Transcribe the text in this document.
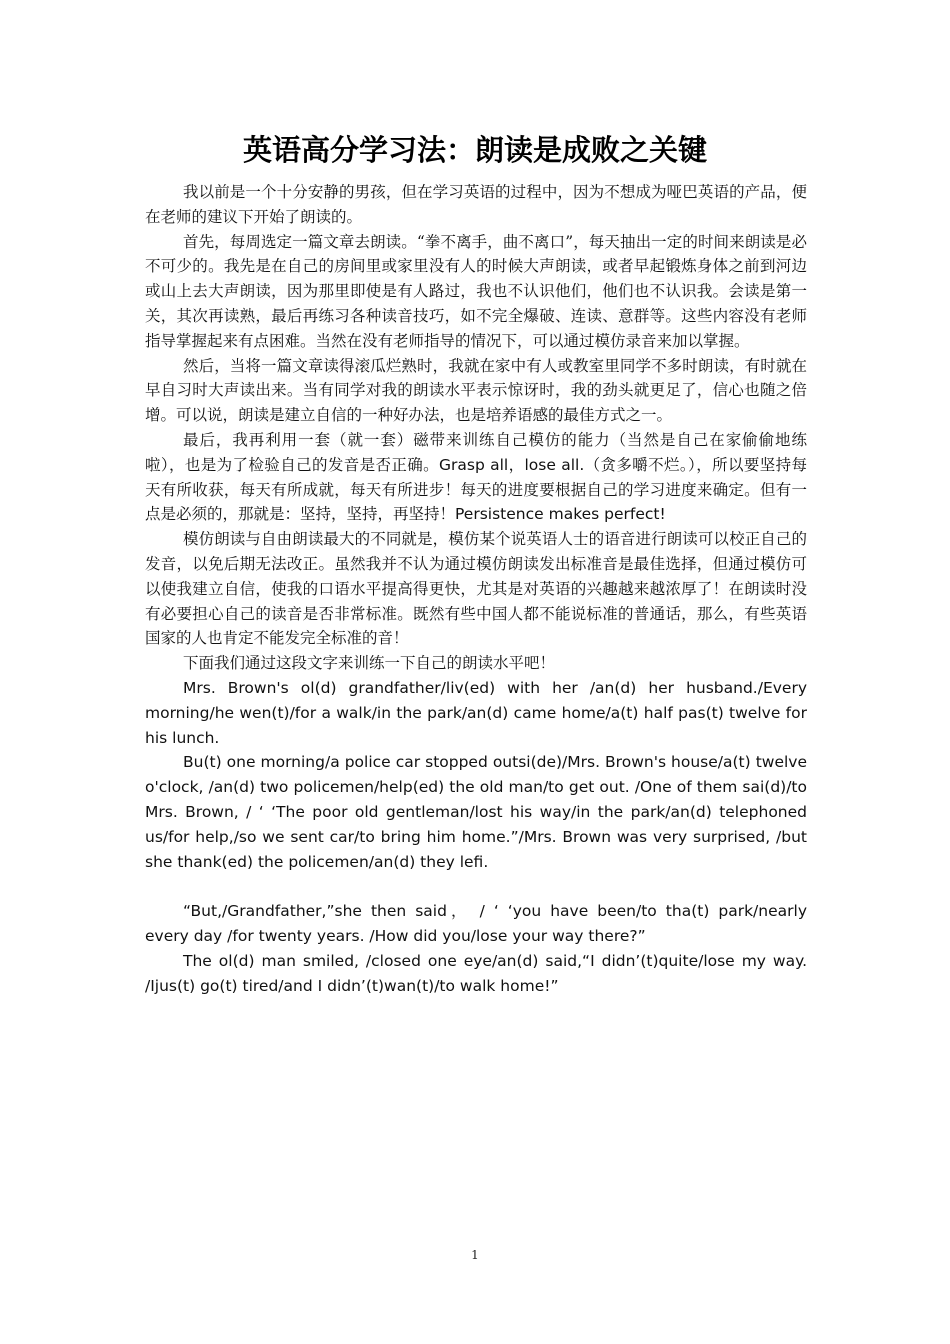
英语高分学习法：朗读是成败之关键

我以前是一个十分安静的男孩，但在学习英语的过程中，因为不想成为哑巴英语的产品，便在老师的建议下开始了朗读的。

首先，每周选定一篇文章去朗读。“拳不离手，曲不离口”，每天抽出一定的时间来朗读是必不可少的。我先是在自己的房间里或家里没有人的时候大声朗读，或者早起锻炼身体之前到河边或山上去大声朗读，因为那里即使是有人路过，我也不认识他们，他们也不认识我。会读是第一关，其次再读熟，最后再练习各种读音技巧，如不完全爆破、连读、意群等。这些内容没有老师指导掌握起来有点困难。当然在没有老师指导的情况下，可以通过模仿录音来加以掌握。

然后，当将一篇文章读得滚瓜烂熟时，我就在家中有人或教室里同学不多时朗读，有时就在早自习时大声读出来。当有同学对我的朗读水平表示惊讶时，我的劲头就更足了，信心也随之倍增。可以说，朗读是建立自信的一种好办法，也是培养语感的最佳方式之一。

最后，我再利用一套（就一套）磁带来训练自己模仿的能力（当然是自己在家偷偷地练啦），也是为了检验自己的发音是否正确。Grasp all，lose all.（贪多嚼不烂。），所以要坚持每天有所收获，每天有所成就，每天有所进步！每天的进度要根据自己的学习进度来确定。但有一点是必须的，那就是：坚持，坚持，再坚持！Persistence makes perfect!

模仿朗读与自由朗读最大的不同就是，模仿某个说英语人士的语音进行朗读可以校正自己的发音，以免后期无法改正。虽然我并不认为通过模仿朗读发出标准音是最佳选择，但通过模仿可以使我建立自信，使我的口语水平提高得更快，尤其是对英语的兴趣越来越浓厚了！在朗读时没有必要担心自己的读音是否非常标准。既然有些中国人都不能说标准的普通话，那么，有些英语国家的人也肯定不能发完全标准的音！

下面我们通过这段文字来训练一下自己的朗读水平吧！

Mrs. Brown's ol(d) grandfather/liv(ed) with her /an(d) her husband./Every morning/he wen(t)/for a walk/in the park/an(d) came home/a(t) half pas(t) twelve for his lunch.

Bu(t) one morning/a police car stopped outsi(de)/Mrs. Brown's house/a(t) twelve o'clock, /an(d) two policemen/help(ed) the old man/to get out. /One of them sai(d)/to Mrs. Brown, / ‘ ‘The poor old gentleman/lost his way/in the park/an(d) telephoned us/for help,/so we sent car/to bring him home.”/Mrs. Brown was very surprised, /but she thank(ed) the policemen/an(d) they lefi.

“But,/Grandfather,”she then said， / ‘ ‘you have been/to tha(t) park/nearly every day /for twenty years. /How did you/lose your way there?”

The ol(d) man smiled, /closed one eye/an(d) said,“I didn’(t)quite/lose my way. /Ijus(t) go(t) tired/and I didn’(t)wan(t)/to walk home!”

1
